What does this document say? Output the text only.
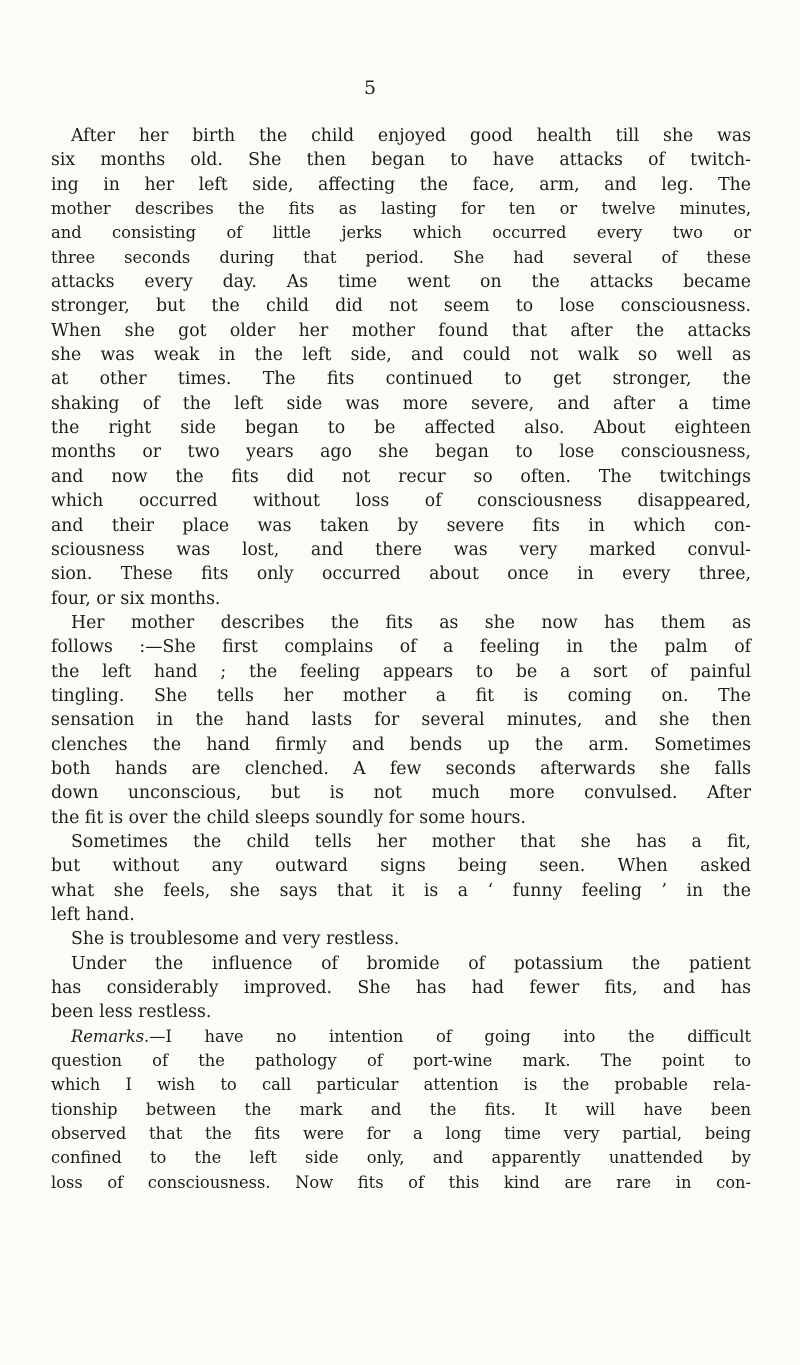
5
After her birth the child enjoyed good health till she was
six months old. She then began to have attacks of twitch-
ing in her left side, affecting the face, arm, and leg. The
mother describes the fits as lasting for ten or twelve minutes,
and consisting of little jerks which occurred every two or
three seconds during that period. She had several of these
attacks every day. As time went on the attacks became
stronger, but the child did not seem to lose consciousness.
When she got older her mother found that after the attacks
she was weak in the left side, and could not walk so well as
at other times. The fits continued to get stronger, the
shaking of the left side was more severe, and after a time
the right side began to be affected also. About eighteen
months or two years ago she began to lose consciousness,
and now the fits did not recur so often. The twitchings
which occurred without loss of consciousness disappeared,
and their place was taken by severe fits in which con-
sciousness was lost, and there was very marked convul-
sion. These fits only occurred about once in every three,
four, or six months.
Her mother describes the fits as she now has them as
follows :—She first complains of a feeling in the palm of
the left hand ; the feeling appears to be a sort of painful
tingling. She tells her mother a fit is coming on. The
sensation in the hand lasts for several minutes, and she then
clenches the hand firmly and bends up the arm. Sometimes
both hands are clenched. A few seconds afterwards she falls
down unconscious, but is not much more convulsed. After
the fit is over the child sleeps soundly for some hours.
Sometimes the child tells her mother that she has a fit,
but without any outward signs being seen. When asked
what she feels, she says that it is a ‘ funny feeling ’ in the
left hand.
She is troublesome and very restless.
Under the influence of bromide of potassium the patient
has considerably improved. She has had fewer fits, and has
been less restless.
Remarks.—I have no intention of going into the difficult
question of the pathology of port-wine mark. The point to
which I wish to call particular attention is the probable rela-
tionship between the mark and the fits. It will have been
observed that the fits were for a long time very partial, being
confined to the left side only, and apparently unattended by
loss of consciousness. Now fits of this kind are rare in con-
